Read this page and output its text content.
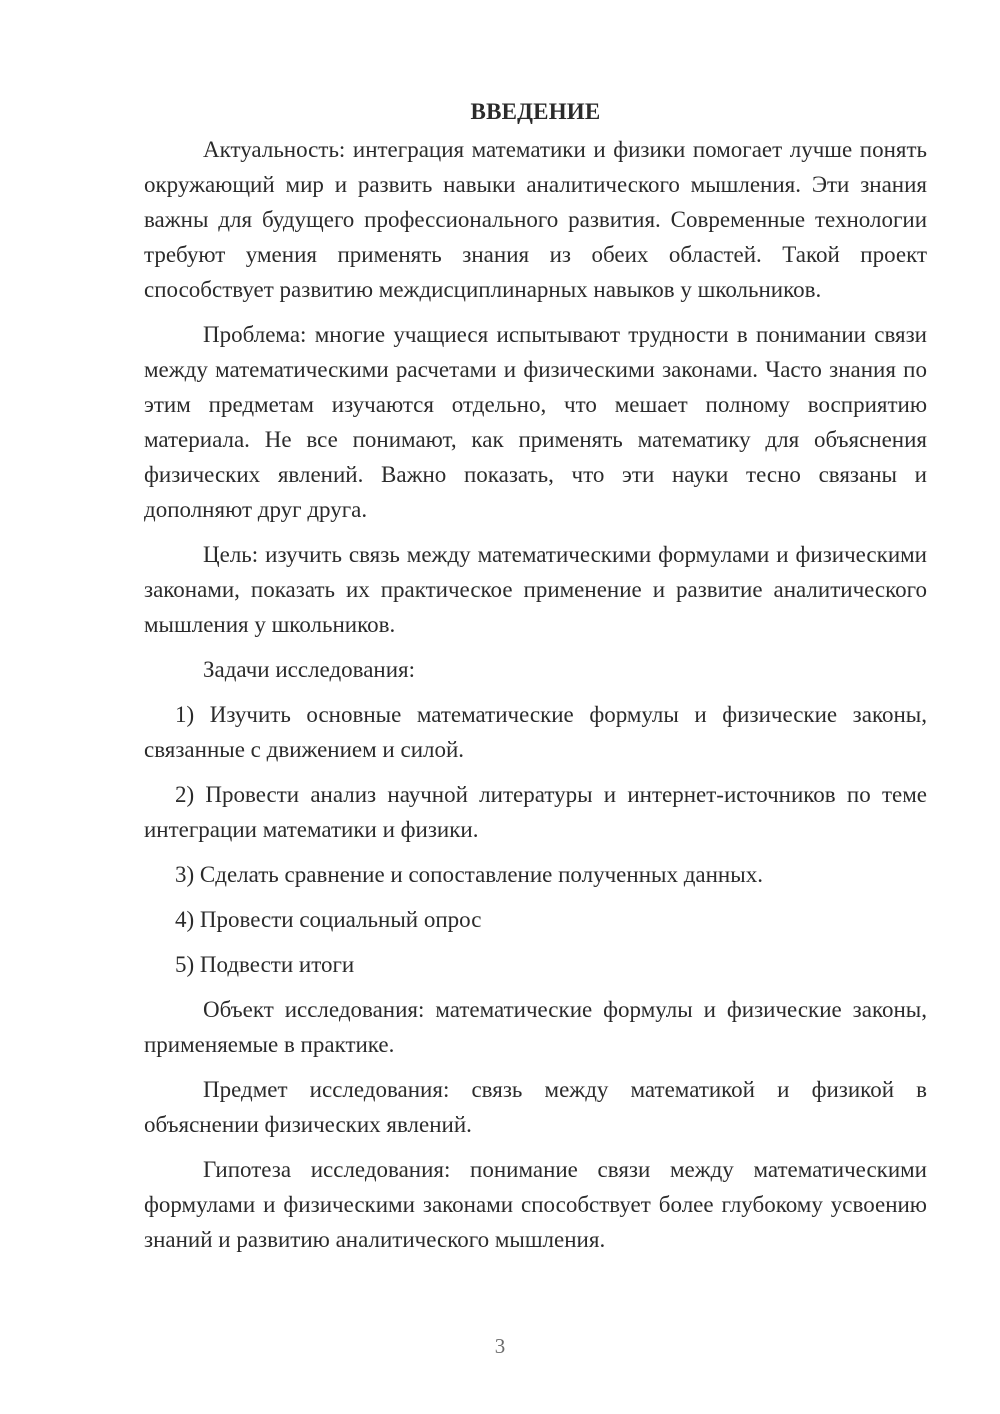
ВВЕДЕНИЕ

Актуальность: интеграция математики и физики помогает лучше понять окружающий мир и развить навыки аналитического мышления. Эти знания важны для будущего профессионального развития. Современные технологии требуют умения применять знания из обеих областей. Такой проект способствует развитию междисциплинарных навыков у школьников.

Проблема: многие учащиеся испытывают трудности в понимании связи между математическими расчетами и физическими законами. Часто знания по этим предметам изучаются отдельно, что мешает полному восприятию материала. Не все понимают, как применять математику для объяснения физических явлений. Важно показать, что эти науки тесно связаны и дополняют друг друга.

Цель: изучить связь между математическими формулами и физическими законами, показать их практическое применение и развитие аналитического мышления у школьников.

Задачи исследования:

1) Изучить основные математические формулы и физические законы, связанные с движением и силой.

2) Провести анализ научной литературы и интернет-источников по теме интеграции математики и физики.

3) Сделать сравнение и сопоставление полученных данных.

4) Провести социальный опрос

5) Подвести итоги

Объект исследования: математические формулы и физические законы, применяемые в практике.

Предмет исследования: связь между математикой и физикой в объяснении физических явлений.

Гипотеза исследования: понимание связи между математическими формулами и физическими законами способствует более глубокому усвоению знаний и развитию аналитического мышления.

3
